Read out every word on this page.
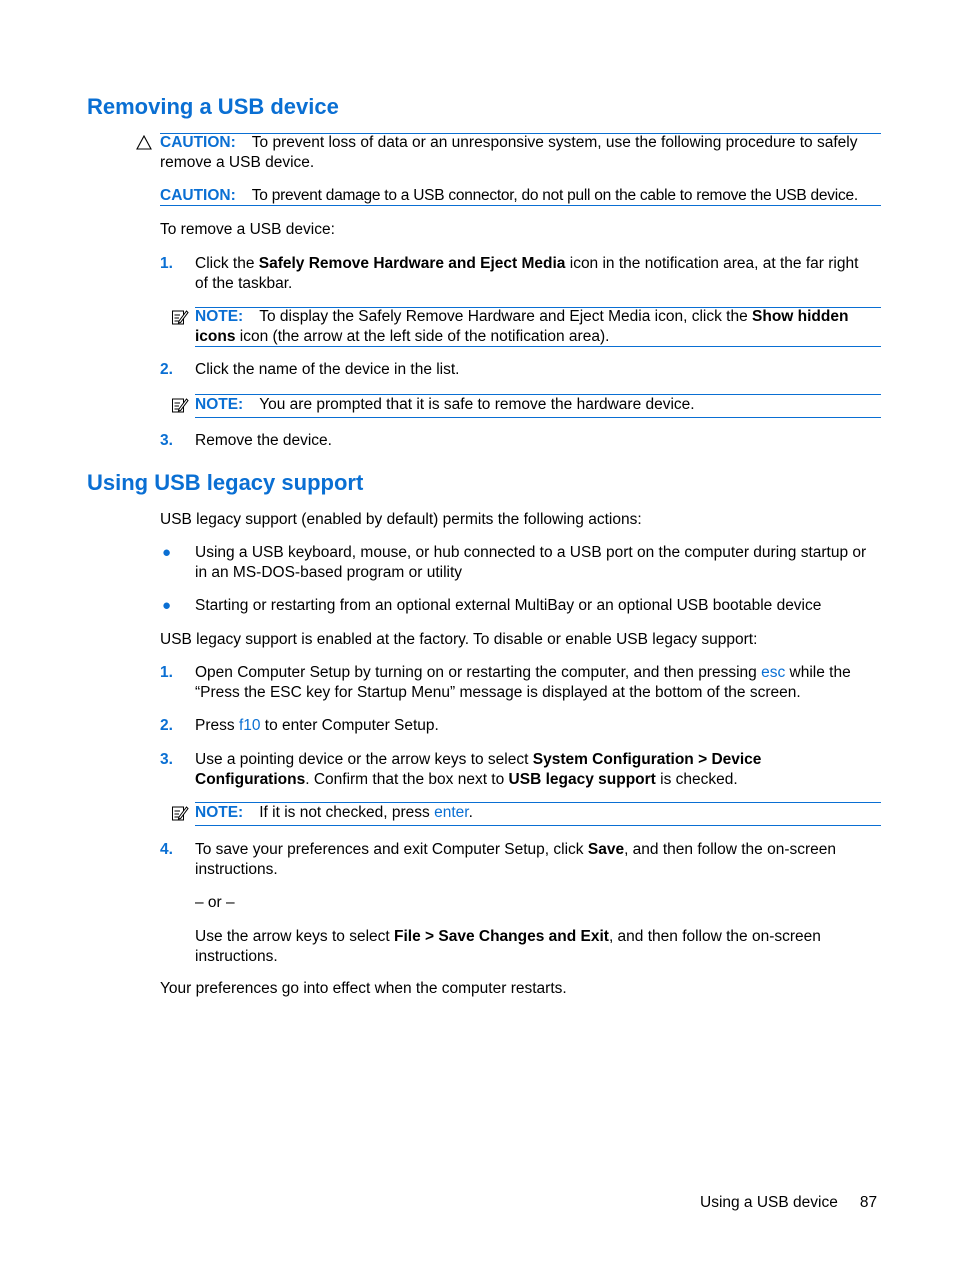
Removing a USB device
CAUTION: To prevent loss of data or an unresponsive system, use the following procedure to safely
remove a USB device.
CAUTION: To prevent damage to a USB connector, do not pull on the cable to remove the USB device.
To remove a USB device:
1. Click the Safely Remove Hardware and Eject Media icon in the notification area, at the far right
of the taskbar.
NOTE: To display the Safely Remove Hardware and Eject Media icon, click the Show hidden
icons icon (the arrow at the left side of the notification area).
2. Click the name of the device in the list.
NOTE: You are prompted that it is safe to remove the hardware device.
3. Remove the device.
Using USB legacy support
USB legacy support (enabled by default) permits the following actions:
● Using a USB keyboard, mouse, or hub connected to a USB port on the computer during startup or
in an MS-DOS-based program or utility
● Starting or restarting from an optional external MultiBay or an optional USB bootable device
USB legacy support is enabled at the factory. To disable or enable USB legacy support:
1. Open Computer Setup by turning on or restarting the computer, and then pressing esc while the
“Press the ESC key for Startup Menu” message is displayed at the bottom of the screen.
2. Press f10 to enter Computer Setup.
3. Use a pointing device or the arrow keys to select System Configuration > Device
Configurations. Confirm that the box next to USB legacy support is checked.
NOTE: If it is not checked, press enter.
4. To save your preferences and exit Computer Setup, click Save, and then follow the on-screen
instructions.
– or –
Use the arrow keys to select File > Save Changes and Exit, and then follow the on-screen
instructions.
Your preferences go into effect when the computer restarts.
Using a USB device 87
